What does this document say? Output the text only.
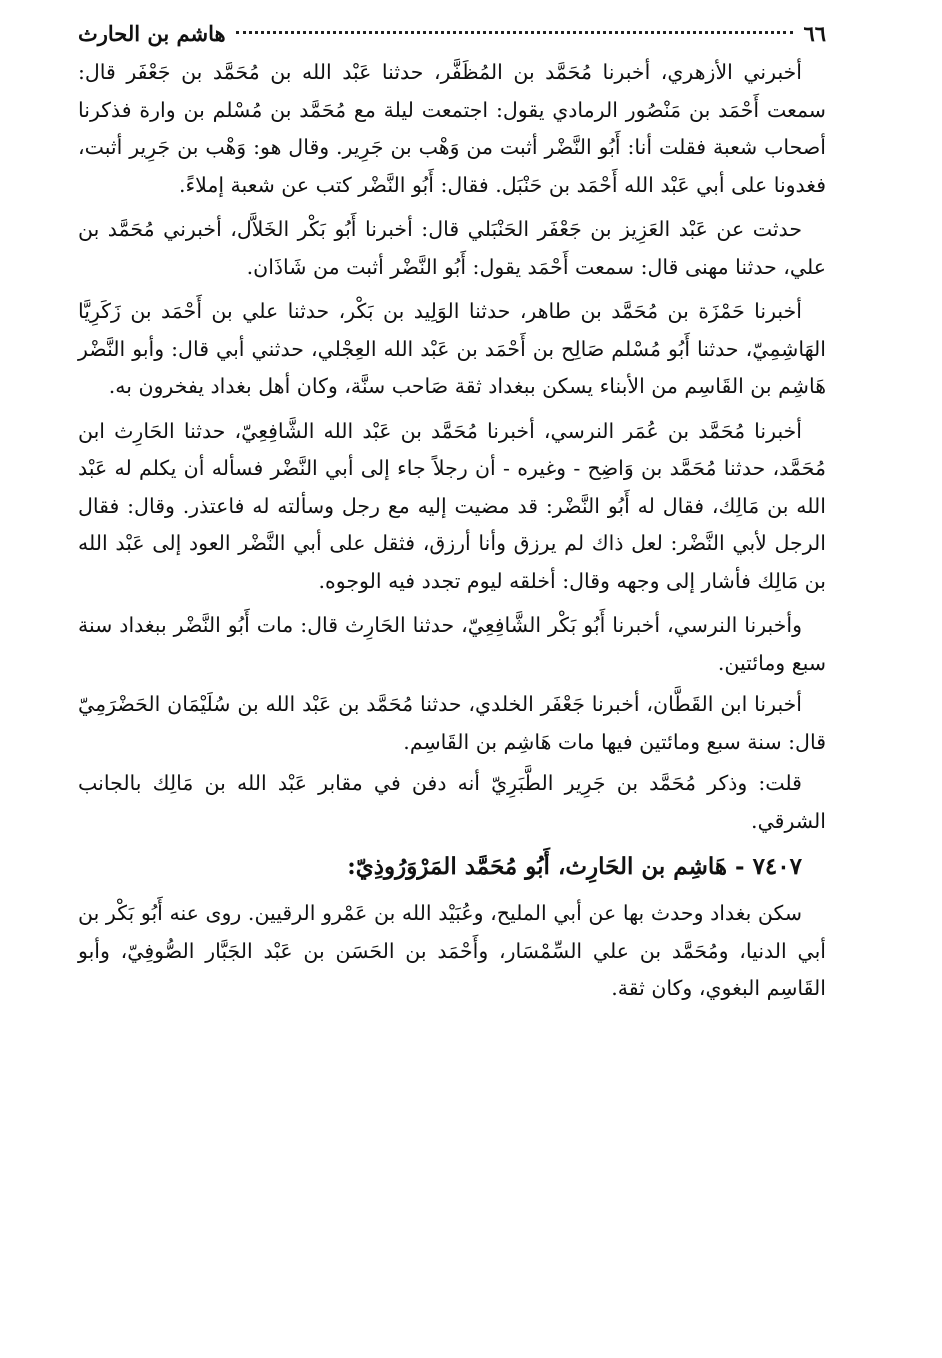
٦٦
هاشم بن الحارث

أخبرني الأزهري، أخبرنا مُحَمَّد بن المُظَفَّر، حدثنا عَبْد الله بن مُحَمَّد بن جَعْفَر قال: سمعت أَحْمَد بن مَنْصُور الرمادي يقول: اجتمعت ليلة مع مُحَمَّد بن مُسْلم بن وارة فذكرنا أصحاب شعبة فقلت أنا: أَبُو النَّضْر أثبت من وَهْب بن جَرِير. وقال هو: وَهْب بن جَرِير أثبت، فغدونا على أبي عَبْد الله أَحْمَد بن حَنْبَل. فقال: أَبُو النَّضْر كتب عن شعبة إملاءً.

حدثت عن عَبْد العَزِيز بن جَعْفَر الحَنْبَلي قال: أخبرنا أَبُو بَكْر الخَلاَّل، أخبرني مُحَمَّد بن علي، حدثنا مهنى قال: سمعت أَحْمَد يقول: أَبُو النَّضْر أثبت من شَاذَان.

أخبرنا حَمْزَة بن مُحَمَّد بن طاهر، حدثنا الوَلِيد بن بَكْر، حدثنا علي بن أَحْمَد بن زَكَرِيَّا الهَاشِمِيّ، حدثنا أَبُو مُسْلم صَالِح بن أَحْمَد بن عَبْد الله العِجْلي، حدثني أبي قال: وأبو النَّضْر هَاشِم بن القَاسِم من الأبناء يسكن ببغداد ثقة صَاحب سنَّة، وكان أهل بغداد يفخرون به.

أخبرنا مُحَمَّد بن عُمَر النرسي، أخبرنا مُحَمَّد بن عَبْد الله الشَّافِعِيّ، حدثنا الحَارِث ابن مُحَمَّد، حدثنا مُحَمَّد بن وَاضِح - وغيره - أن رجلاً جاء إلى أبي النَّضْر فسأله أن يكلم له عَبْد الله بن مَالِك، فقال له أَبُو النَّضْر: قد مضيت إليه مع رجل وسألته له فاعتذر. وقال: فقال الرجل لأبي النَّضْر: لعل ذاك لم يرزق وأنا أرزق، فثقل على أبي النَّضْر العود إلى عَبْد الله بن مَالِك فأشار إلى وجهه وقال: أخلقه ليوم تجدد فيه الوجوه.

وأخبرنا النرسي، أخبرنا أَبُو بَكْر الشَّافِعِيّ، حدثنا الحَارِث قال: مات أَبُو النَّضْر ببغداد سنة سبع ومائتين.

أخبرنا ابن القَطَّان، أخبرنا جَعْفَر الخلدي، حدثنا مُحَمَّد بن عَبْد الله بن سُلَيْمَان الحَضْرَمِيّ قال: سنة سبع ومائتين فيها مات هَاشِم بن القَاسِم.

قلت: وذكر مُحَمَّد بن جَرِير الطَّبَرِيّ أنه دفن في مقابر عَبْد الله بن مَالِك بالجانب الشرقي.

٧٤٠٧ - هَاشِم بن الحَارِث، أَبُو مُحَمَّد المَرْوَرُوذِيّ:

سكن بغداد وحدث بها عن أبي المليح، وعُبَيْد الله بن عَمْرو الرقيين. روى عنه أَبُو بَكْر بن أبي الدنيا، ومُحَمَّد بن علي السِّمْسَار، وأَحْمَد بن الحَسَن بن عَبْد الجَبَّار الصُّوفِيّ، وأبو القَاسِم البغوي، وكان ثقة.
